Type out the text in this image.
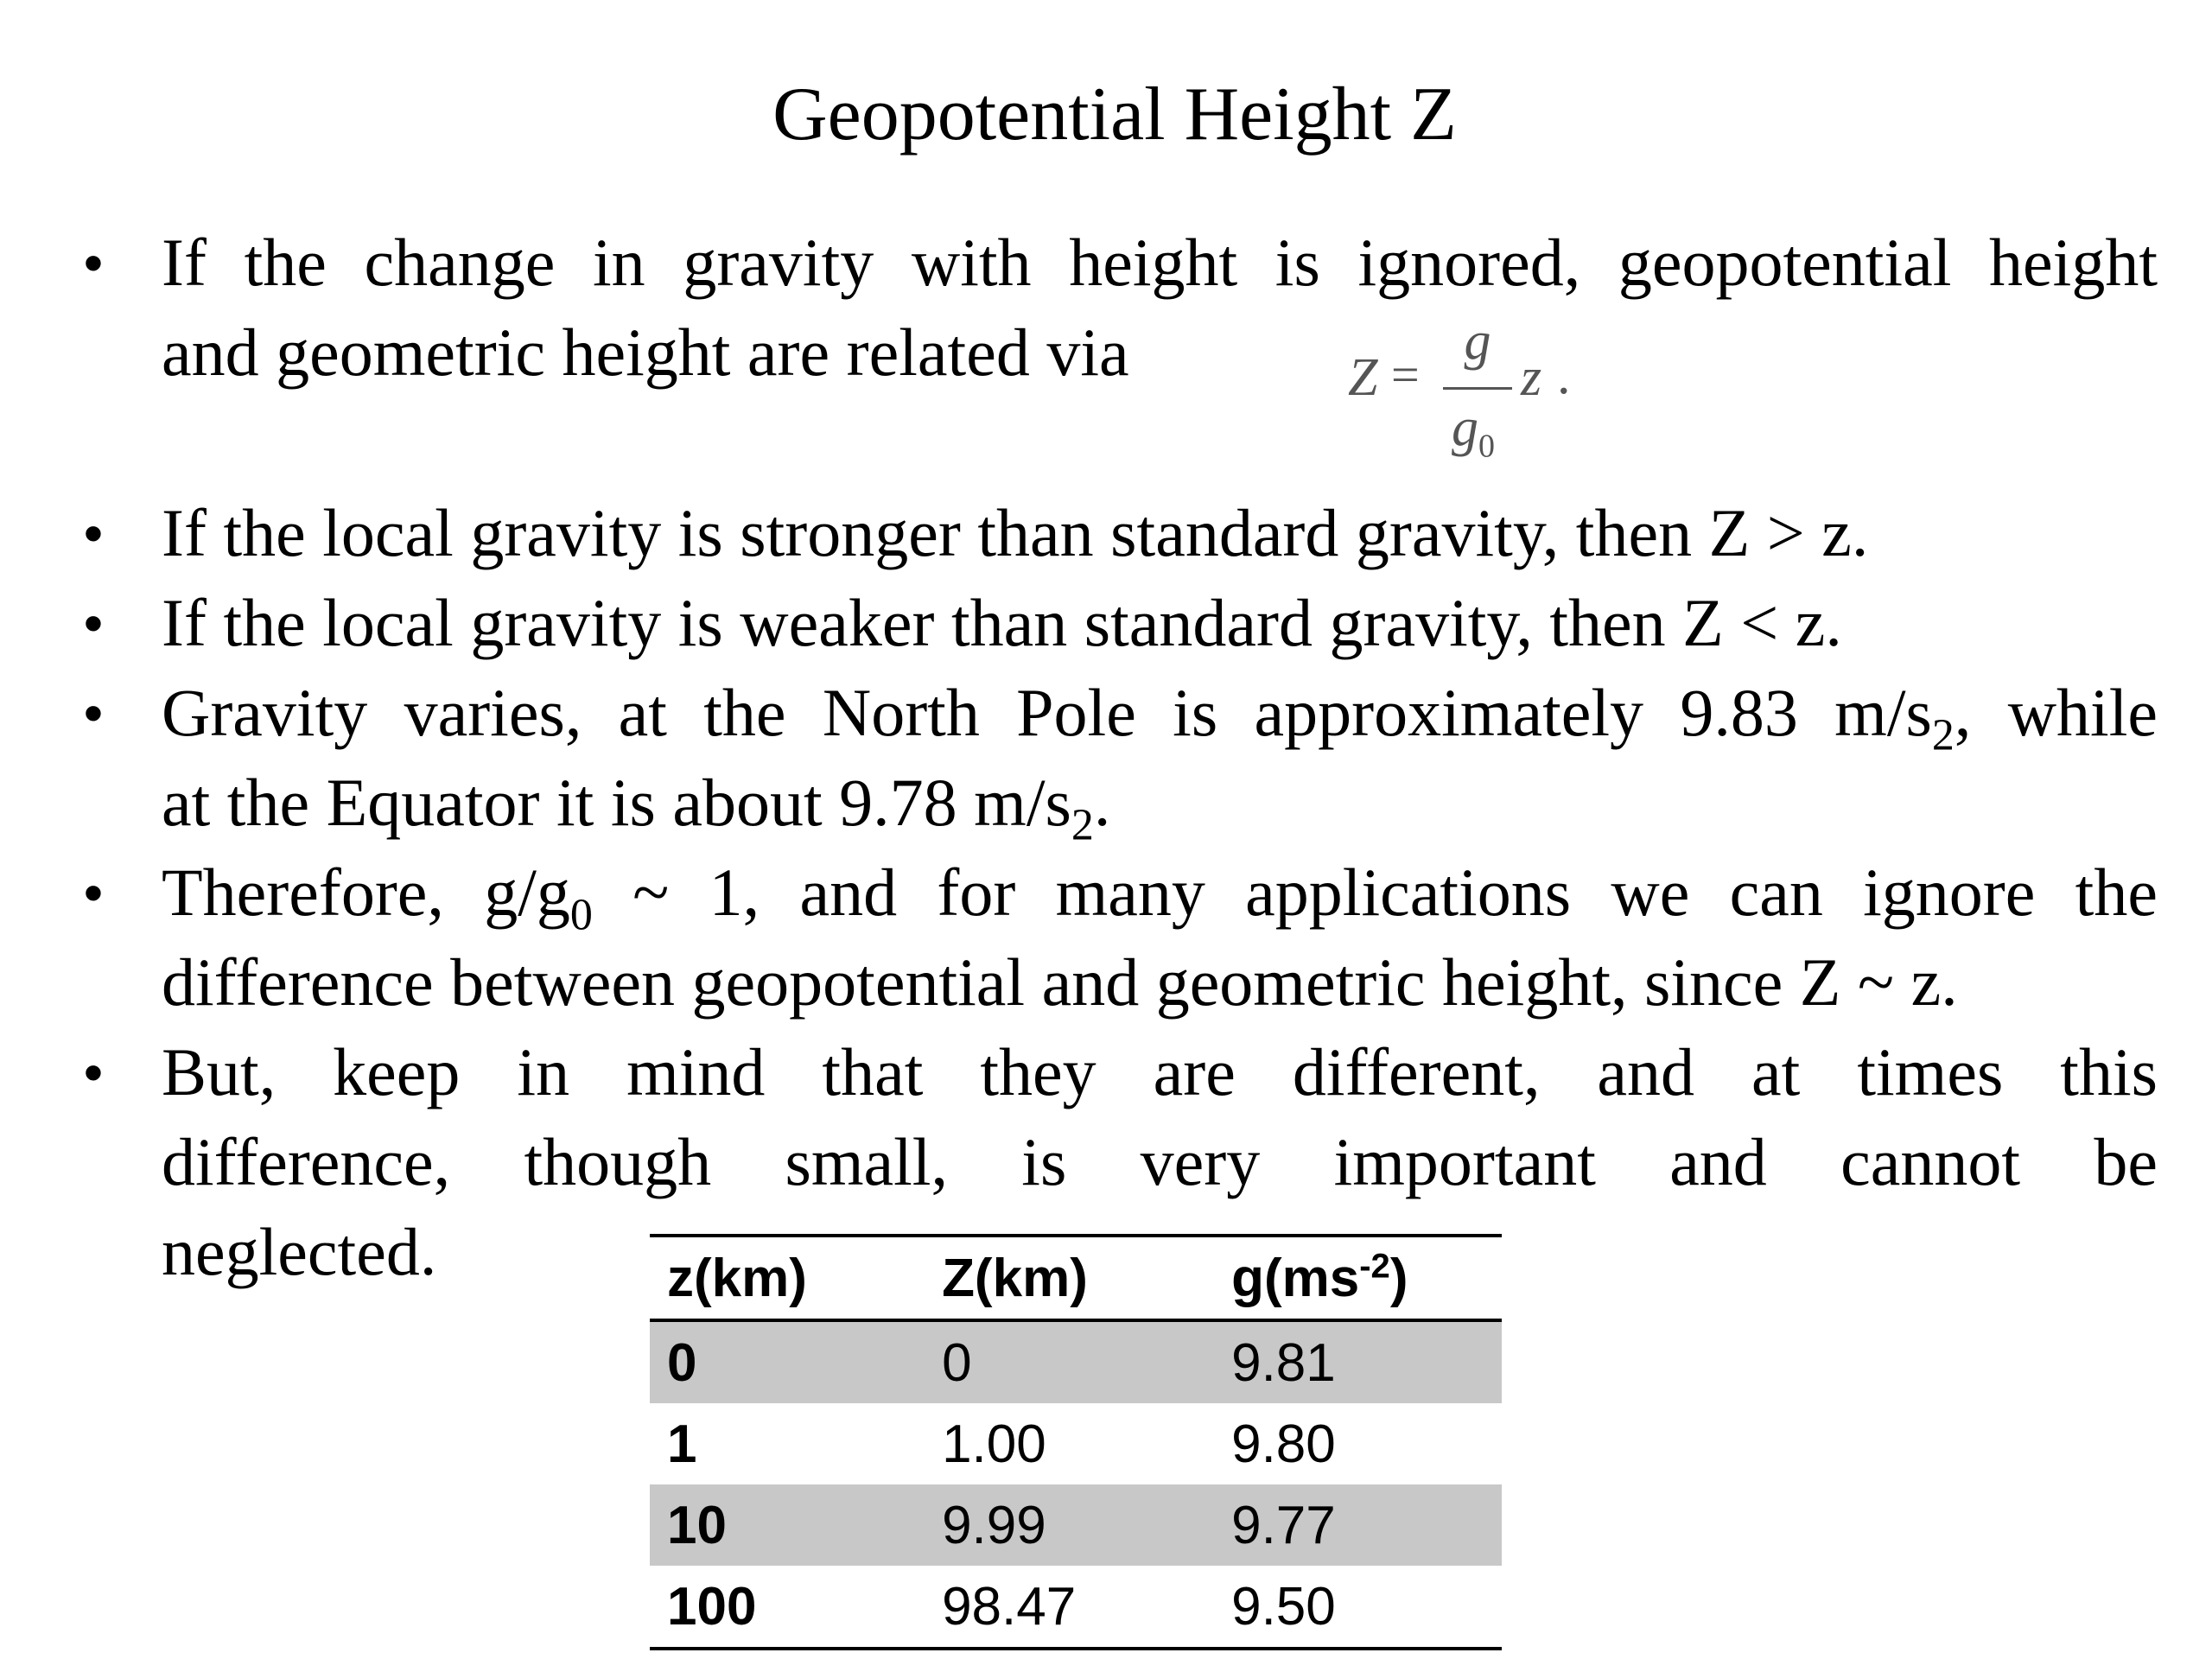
Geopotential Height Z
• If the change in gravity with height is ignored, geopotential height
and geometric height are related via	Z =
g
$g_0$
z .
• If the local gravity is stronger than standard gravity, then Z > z.
• If the local gravity is weaker than standard gravity, then Z < z.
• Gravity varies, at the North Pole is approximately 9.83 $m/s_2$, while
at the Equator it is about 9.78 $m/s_2$.
• Therefore, $g/g_0$ ~ 1, and for many applications we can ignore the
difference between geopotential and geometric height, since Z ~ z.
• But, keep in mind that they are different, and at times this
difference, though small, is very important and cannot be
neglected.	z(km)	Z(km)	$g(ms^{-2})$
0	0	9.81
1	1.00	9.80
10	9.99	9.77
100	98.47	9.50
